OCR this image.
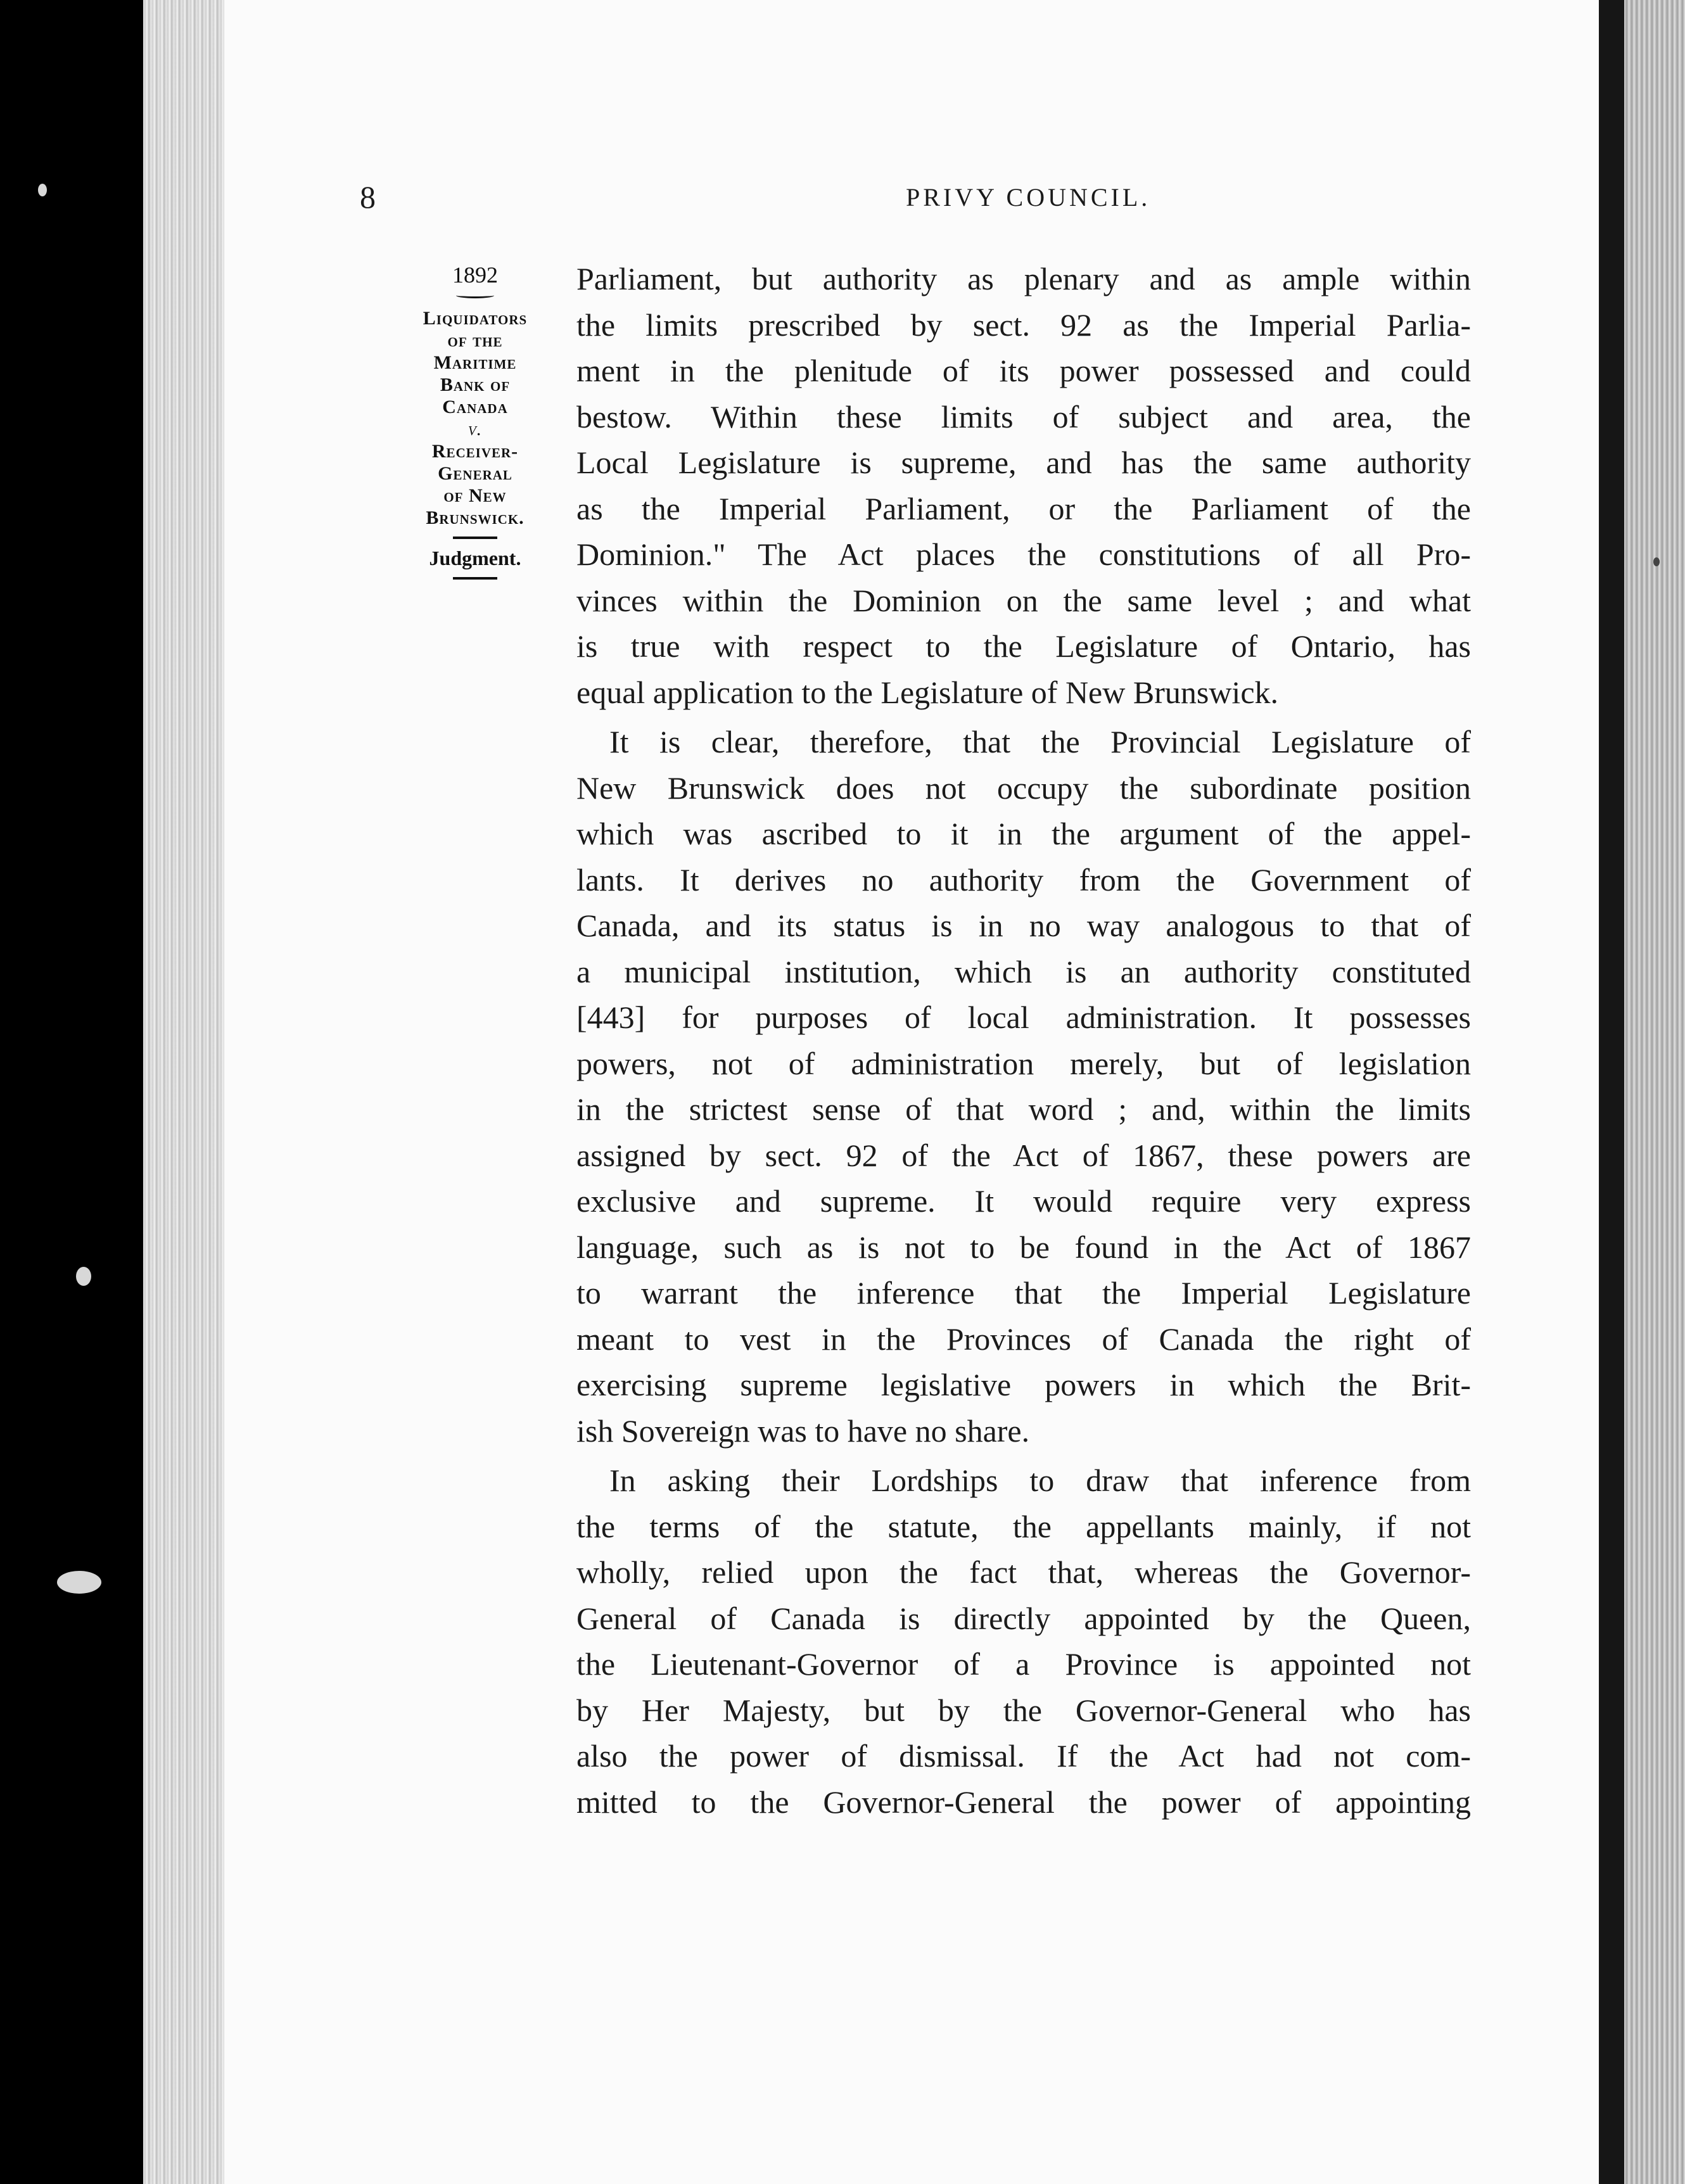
8	PRIVY COUNCIL.
1892
Liquidators
of the
Maritime
Bank of
Canada
v.
Receiver-
General
of New
Brunswick.
Judgment.
Parliament, but authority as plenary and as ample within
the limits prescribed by sect. 92 as the Imperial Parlia-
ment in the plenitude of its power possessed and could
bestow. Within these limits of subject and area, the
Local Legislature is supreme, and has the same authority
as the Imperial Parliament, or the Parliament of the
Dominion." The Act places the constitutions of all Pro-
vinces within the Dominion on the same level ; and what
is true with respect to the Legislature of Ontario, has
equal application to the Legislature of New Brunswick.
It is clear, therefore, that the Provincial Legislature of
New Brunswick does not occupy the subordinate position
which was ascribed to it in the argument of the appel-
lants. It derives no authority from the Government of
Canada, and its status is in no way analogous to that of
a municipal institution, which is an authority constituted
[443] for purposes of local administration. It possesses
powers, not of administration merely, but of legislation
in the strictest sense of that word ; and, within the limits
assigned by sect. 92 of the Act of 1867, these powers are
exclusive and supreme. It would require very express
language, such as is not to be found in the Act of 1867
to warrant the inference that the Imperial Legislature
meant to vest in the Provinces of Canada the right of
exercising supreme legislative powers in which the Brit-
ish Sovereign was to have no share.
In asking their Lordships to draw that inference from
the terms of the statute, the appellants mainly, if not
wholly, relied upon the fact that, whereas the Governor-
General of Canada is directly appointed by the Queen,
the Lieutenant-Governor of a Province is appointed not
by Her Majesty, but by the Governor-General who has
also the power of dismissal. If the Act had not com-
mitted to the Governor-General the power of appointing
